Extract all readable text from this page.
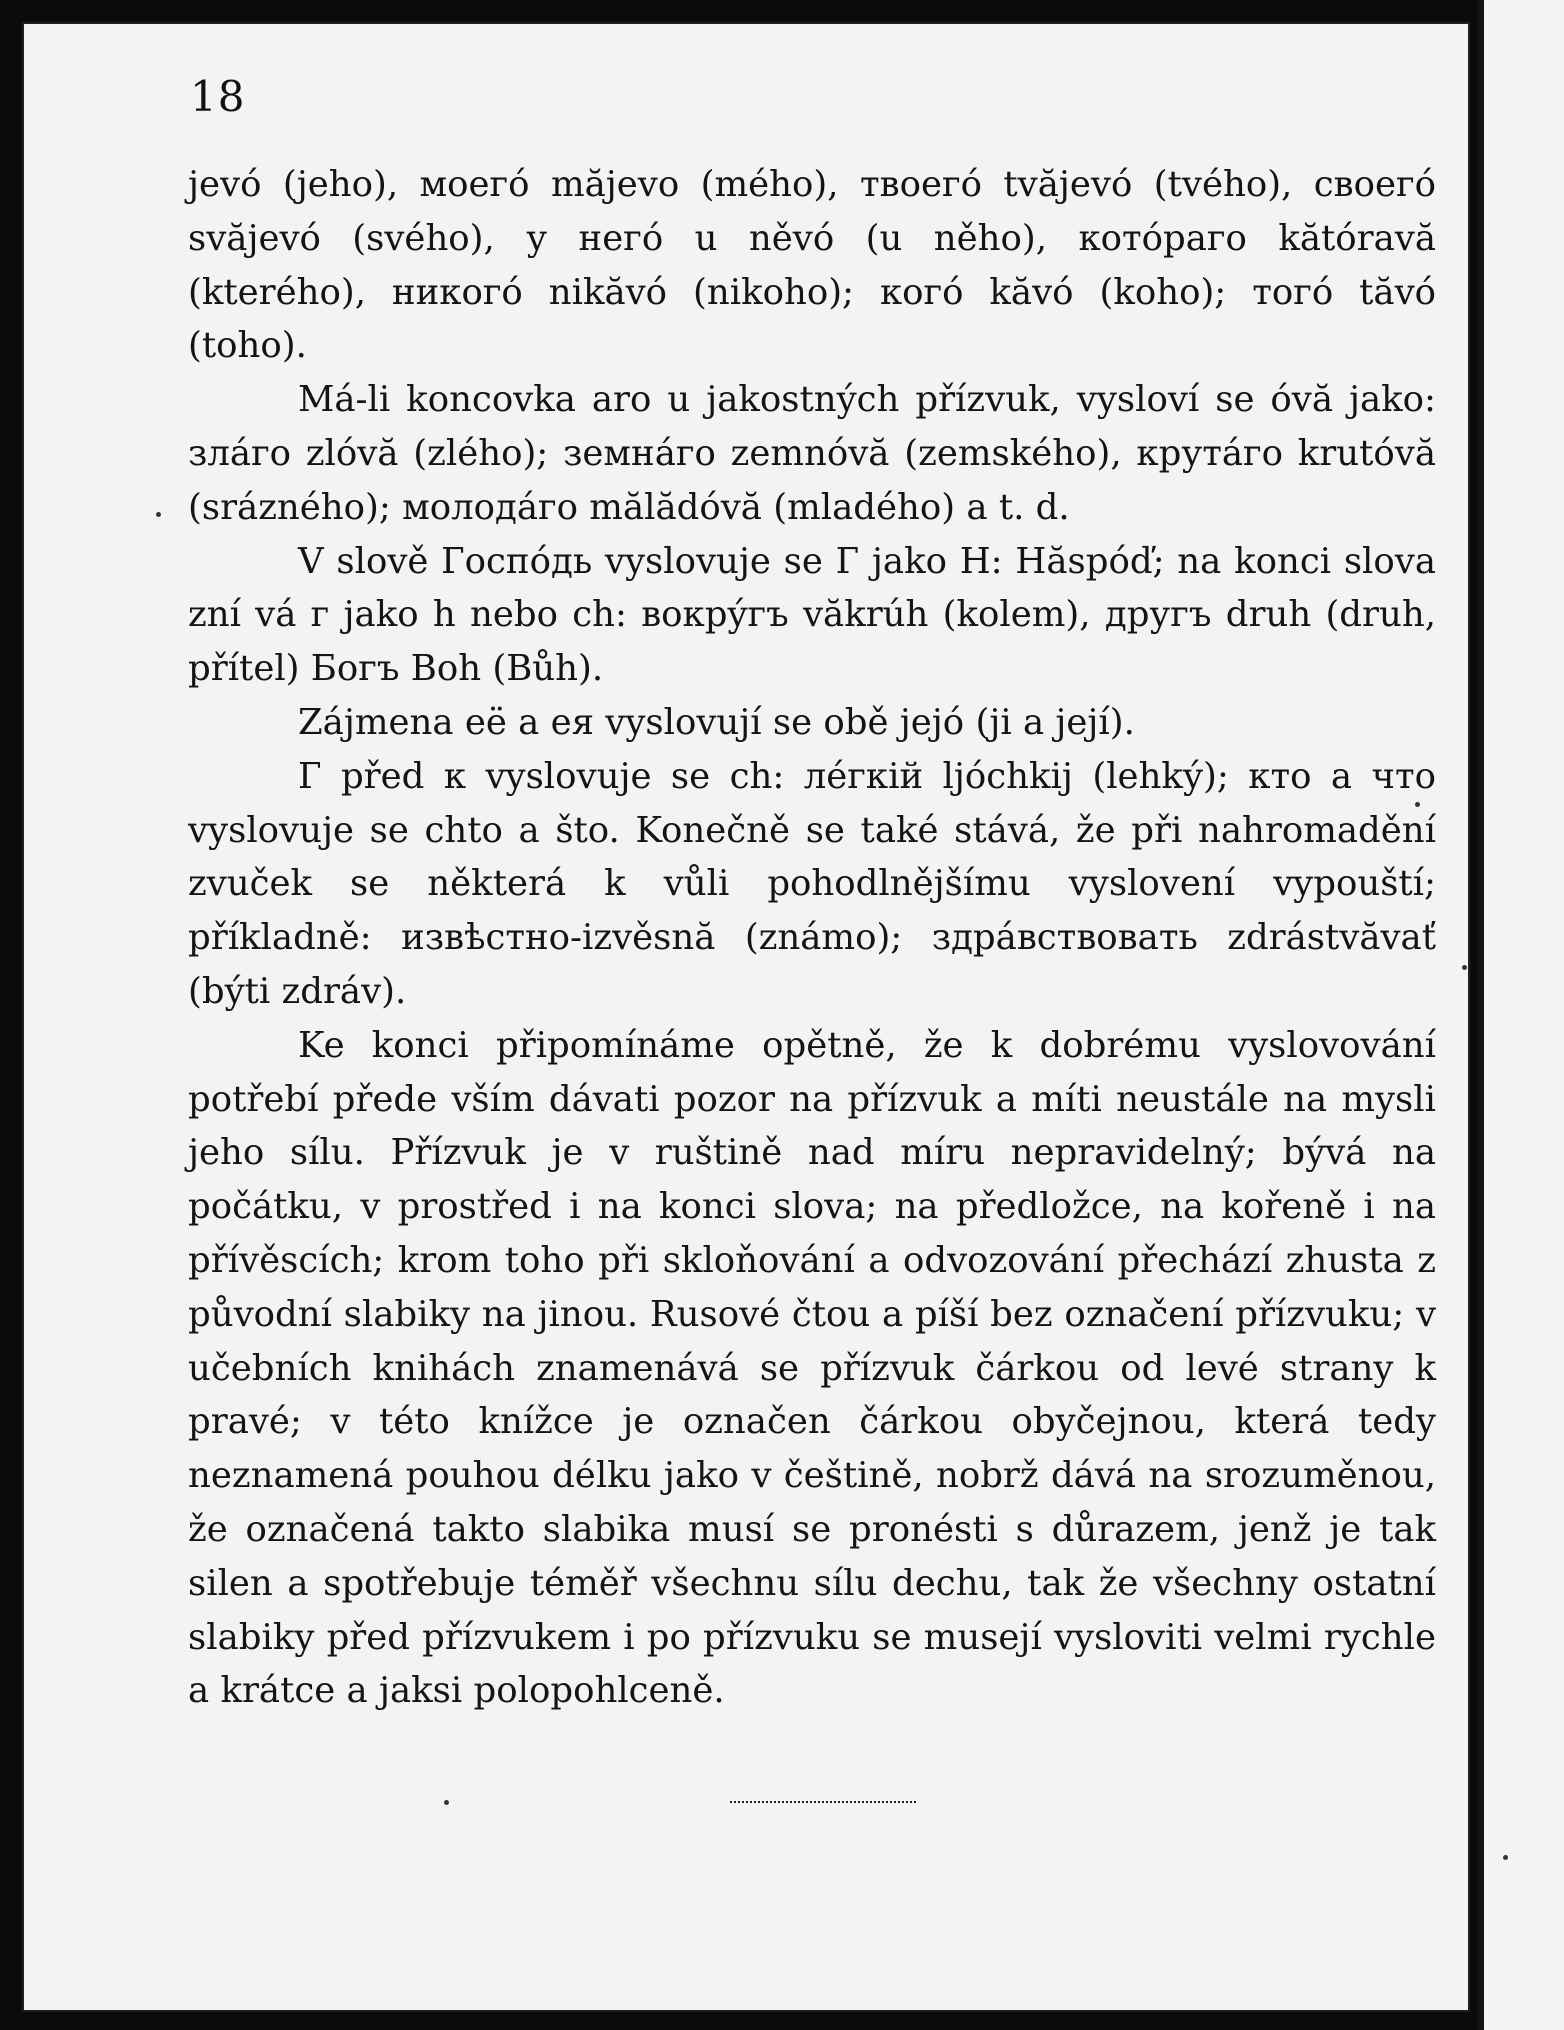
18

jevó (jeho), моегó măjevo (mého), твоегó tvăjevó (tvého), своегó svăjevó (svého), у негó u něvó (u něho), котóраго kătóravă (kterého), никогó nikăvó (nikoho); когó kăvó (koho); тогó tăvó (toho).

Má-li koncovka aro u jakostných přízvuk, vysloví se óvă jako: злáго zlóvă (zlého); земнáго zemnóvă (zemského), крутáго krutóvă (srázného); молодáго mălădóvă (mladého) a t. d.

V slově Госпóдь vyslovuje se Г jako H: Hăspóď; na konci slova zní vá г jako h nebo ch: вокрýгъ văkrúh (kolem), другъ druh (druh, přítel) Богъ Boh (Bůh).

Zájmena eë a ея vyslovují se obě jejó (ji a její).

Г před к vyslovuje se ch: лéгкій ljóchkij (lehký); кто a что vyslovuje se chto a što. Konečně se také stává, že při nahromadění zvuček se některá k vůli pohodlnějšímu vyslovení vypouští; příkladně: извѣстно-izvěsnă (známo); здрáвствовать zdrástvăvať (býti zdráv).

Ke konci připomínáme opětně, že k dobrému vyslovování potřebí přede vším dávati pozor na přízvuk a míti neustále na mysli jeho sílu. Přízvuk je v ruštině nad míru nepravidelný; bývá na počátku, v prostřed i na konci slova; na předložce, na kořeně i na přívěscích; krom toho při skloňování a odvozování přechází zhusta z původní slabiky na jinou. Rusové čtou a píší bez označení přízvuku; v učebních knihách znamenává se přízvuk čárkou od levé strany k pravé; v této knížce je označen čárkou obyčejnou, která tedy neznamená pouhou délku jako v češtině, nobrž dává na srozuměnou, že označená takto slabika musí se pronésti s důrazem, jenž je tak silen a spotřebuje téměř všechnu sílu dechu, tak že všechny ostatní slabiky před přízvukem i po přízvuku se musejí vysloviti velmi rychle a krátce a jaksi polopohlceně.
